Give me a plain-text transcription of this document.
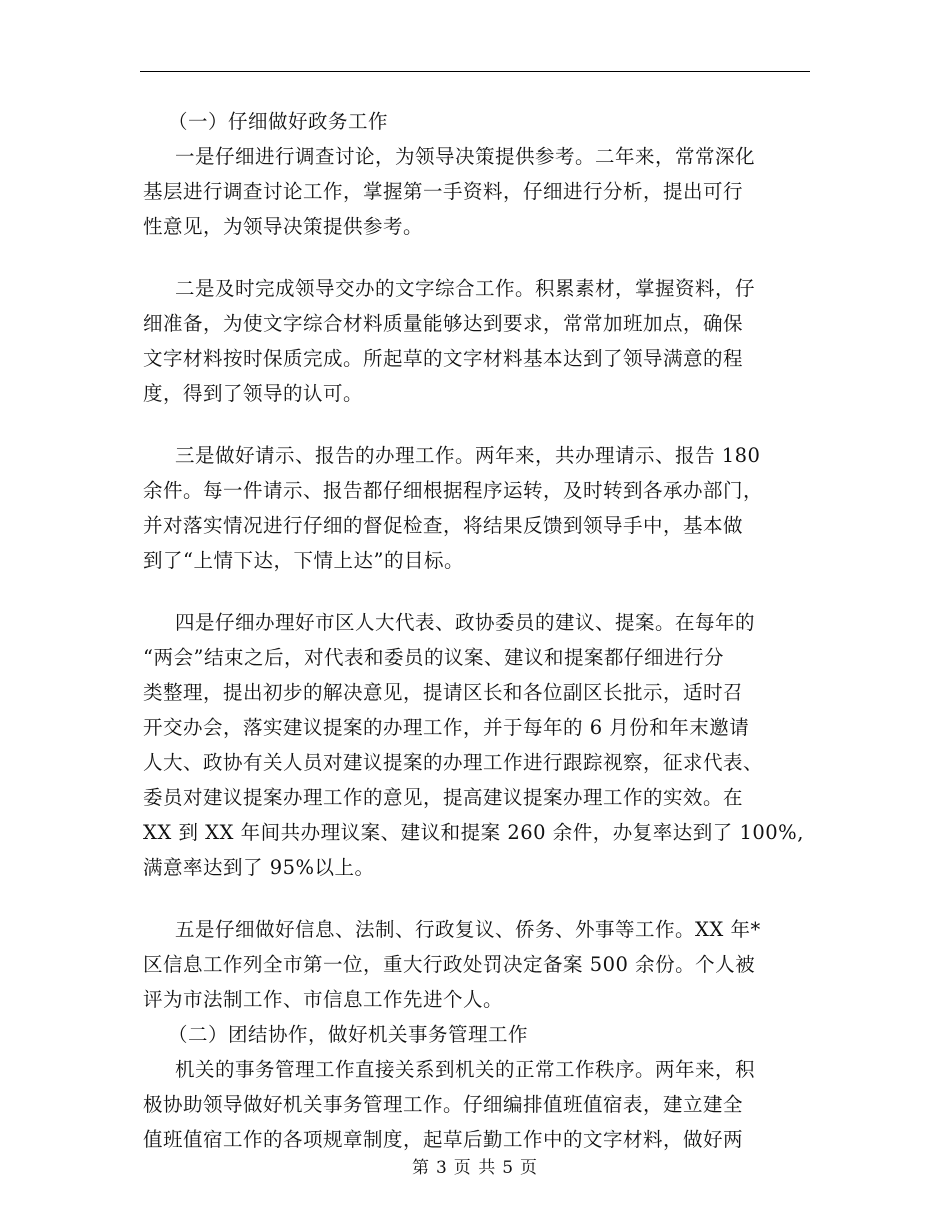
（一）仔细做好政务工作
一是仔细进行调查讨论，为领导决策提供参考。二年来，常常深化
基层进行调查讨论工作，掌握第一手资料，仔细进行分析，提出可行
性意见，为领导决策提供参考。
二是及时完成领导交办的文字综合工作。积累素材，掌握资料，仔
细准备，为使文字综合材料质量能够达到要求，常常加班加点，确保
文字材料按时保质完成。所起草的文字材料基本达到了领导满意的程
度，得到了领导的认可。
三是做好请示、报告的办理工作。两年来，共办理请示、报告 180
余件。每一件请示、报告都仔细根据程序运转，及时转到各承办部门，
并对落实情况进行仔细的督促检查，将结果反馈到领导手中，基本做
到了“上情下达，下情上达”的目标。
四是仔细办理好市区人大代表、政协委员的建议、提案。在每年的
“两会”结束之后，对代表和委员的议案、建议和提案都仔细进行分
类整理，提出初步的解决意见，提请区长和各位副区长批示，适时召
开交办会，落实建议提案的办理工作，并于每年的 6 月份和年末邀请
人大、政协有关人员对建议提案的办理工作进行跟踪视察，征求代表、
委员对建议提案办理工作的意见，提高建议提案办理工作的实效。在
XX 到 XX 年间共办理议案、建议和提案 260 余件，办复率达到了 100%,
满意率达到了 95%以上。
五是仔细做好信息、法制、行政复议、侨务、外事等工作。XX 年*
区信息工作列全市第一位，重大行政处罚决定备案 500 余份。个人被
评为市法制工作、市信息工作先进个人。
（二）团结协作，做好机关事务管理工作
机关的事务管理工作直接关系到机关的正常工作秩序。两年来，积
极协助领导做好机关事务管理工作。仔细编排值班值宿表，建立建全
值班值宿工作的各项规章制度，起草后勤工作中的文字材料，做好两
第 3 页 共 5 页
